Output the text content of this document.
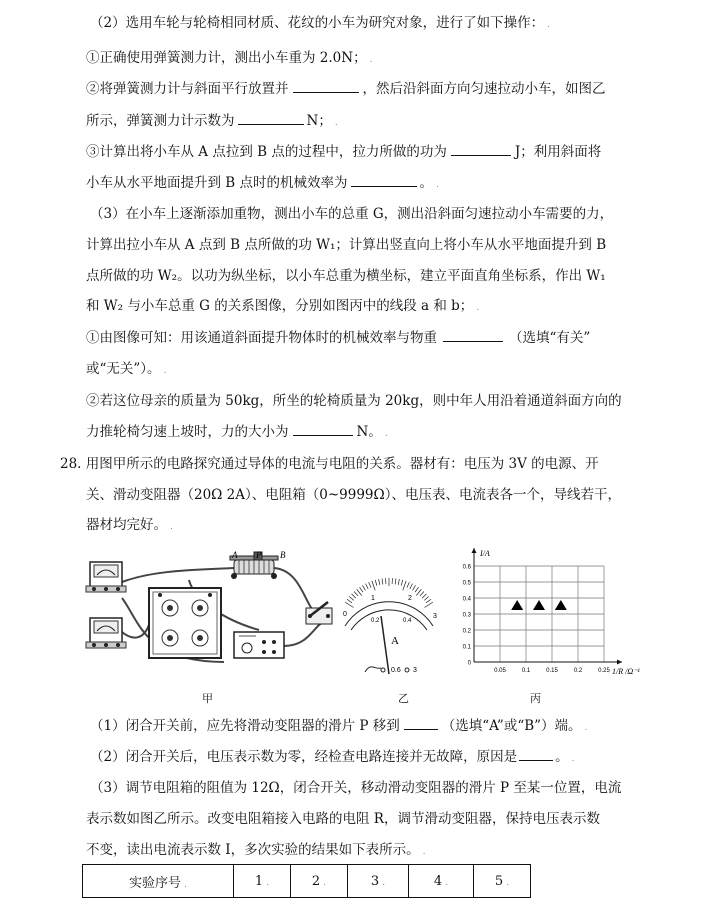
（2）选用车轮与轮椅相同材质、花纹的小车为研究对象，进行了如下操作： .
①正确使用弹簧测力计，测出小车重为 2.0N； .
②将弹簧测力计与斜面平行放置并	，然后沿斜面方向匀速拉动小车，如图乙
所示，弹簧测力计示数为	N； .
③计算出将小车从 A 点拉到 B 点的过程中，拉力所做的功为	J；利用斜面将
小车从水平地面提升到 B 点时的机械效率为	。 .
（3）在小车上逐渐添加重物，测出小车的总重 G，测出沿斜面匀速拉动小车需要的力，
计算出拉小车从 A 点到 B 点所做的功 W₁；计算出竖直向上将小车从水平地面提升到 B
点所做的功 W₂。以功为纵坐标，以小车总重为横坐标，建立平面直角坐标系，作出 W₁
和 W₂ 与小车总重 G 的关系图像，分别如图丙中的线段 a 和 b； .
①由图像可知：用该通道斜面提升物体时的机械效率与物重	（选填“有关”
或“无关”）。 .
②若这位母亲的质量为 50kg，所坐的轮椅质量为 20kg，则中年人用沿着通道斜面方向的
力推轮椅匀速上坡时，力的大小为	N。 .
28. 用图甲所示的电路探究通过导体的电流与电阻的关系。器材有：电压为 3V 的电源、开
关、滑动变阻器（20Ω 2A）、电阻箱（0~9999Ω）、电压表、电流表各一个，导线若干，
器材均完好。 .
A P B
甲
0
1	2
3
0.2	0.4
A
0.6 3
乙
0
0.1
0.2
0.3
0.4
0.5
0.6
0.05	0.1	0.15	0.2	0.25
I/A
1/R /Ω⁻¹
丙
（1）闭合开关前，应先将滑动变阻器的滑片 P 移到	（选填“A”或“B”）端。 .
（2）闭合开关后，电压表示数为零，经检查电路连接并无故障，原因是	。 .
（3）调节电阻箱的阻值为 12Ω，闭合开关，移动滑动变阻器的滑片 P 至某一位置，电流
表示数如图乙所示。改变电阻箱接入电路的电阻 R，调节滑动变阻器，保持电压表示数
不变，读出电流表示数 I，多次实验的结果如下表所示。 .
实验序号 .	1 .	2 .	3 .	4 .	5 .
